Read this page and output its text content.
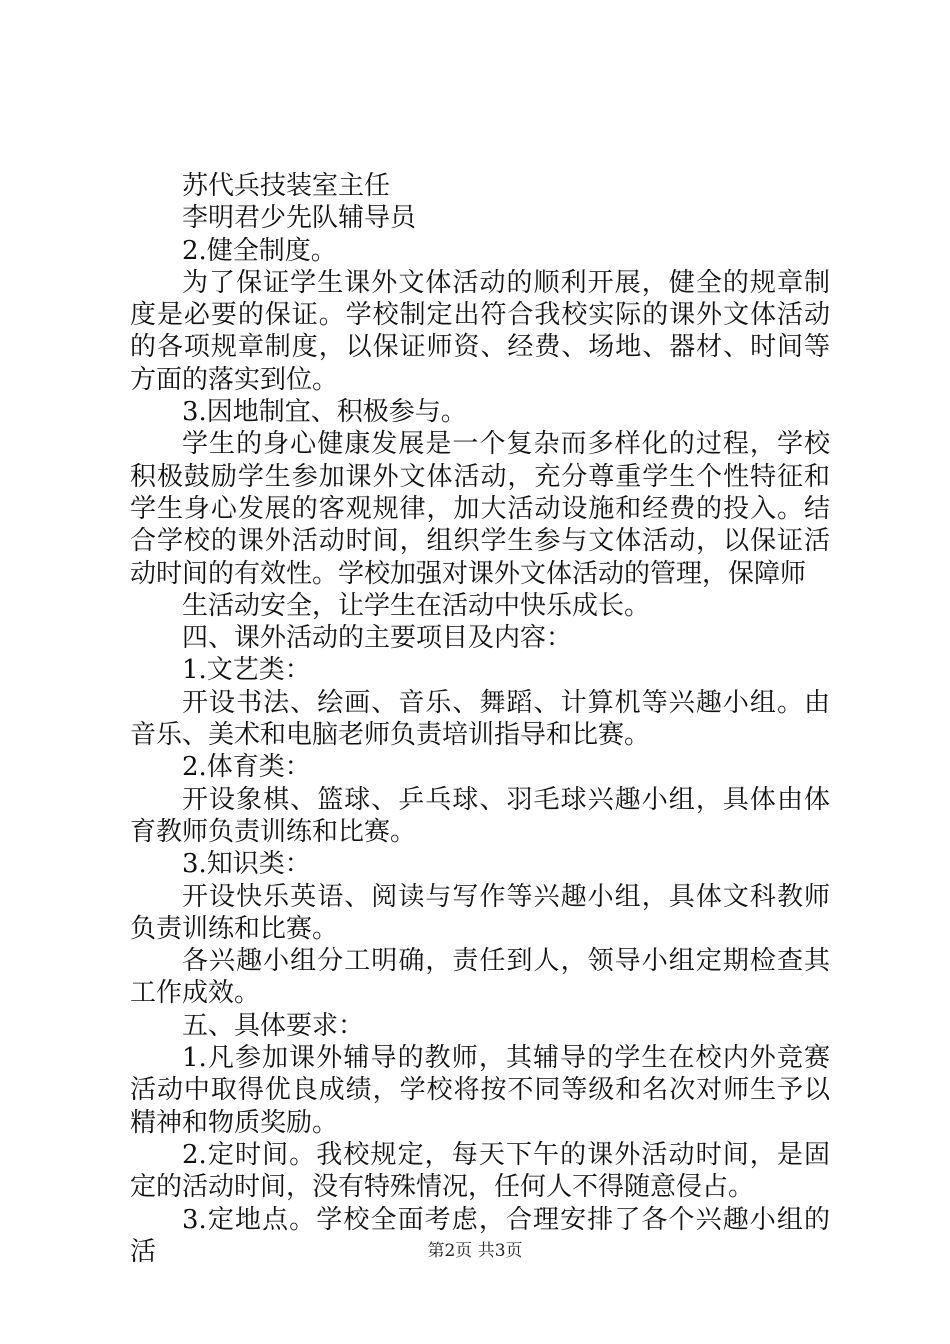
苏代兵技装室主任

李明君少先队辅导员

2.健全制度。

为了保证学生课外文体活动的顺利开展，健全的规章制度是必要的保证。学校制定出符合我校实际的课外文体活动的各项规章制度，以保证师资、经费、场地、器材、时间等方面的落实到位。

3.因地制宜、积极参与。

学生的身心健康发展是一个复杂而多样化的过程，学校积极鼓励学生参加课外文体活动，充分尊重学生个性特征和学生身心发展的客观规律，加大活动设施和经费的投入。结合学校的课外活动时间，组织学生参与文体活动，以保证活动时间的有效性。学校加强对课外文体活动的管理，保障师

生活动安全，让学生在活动中快乐成长。

四、课外活动的主要项目及内容：

1.文艺类：

开设书法、绘画、音乐、舞蹈、计算机等兴趣小组。由音乐、美术和电脑老师负责培训指导和比赛。

2.体育类：

开设象棋、篮球、乒乓球、羽毛球兴趣小组，具体由体育教师负责训练和比赛。

3.知识类：

开设快乐英语、阅读与写作等兴趣小组，具体文科教师负责训练和比赛。

各兴趣小组分工明确，责任到人，领导小组定期检查其工作成效。

五、具体要求：

1.凡参加课外辅导的教师，其辅导的学生在校内外竞赛活动中取得优良成绩，学校将按不同等级和名次对师生予以精神和物质奖励。

2.定时间。我校规定，每天下午的课外活动时间，是固定的活动时间，没有特殊情况，任何人不得随意侵占。

3.定地点。学校全面考虑，合理安排了各个兴趣小组的活	第2页 共3页
